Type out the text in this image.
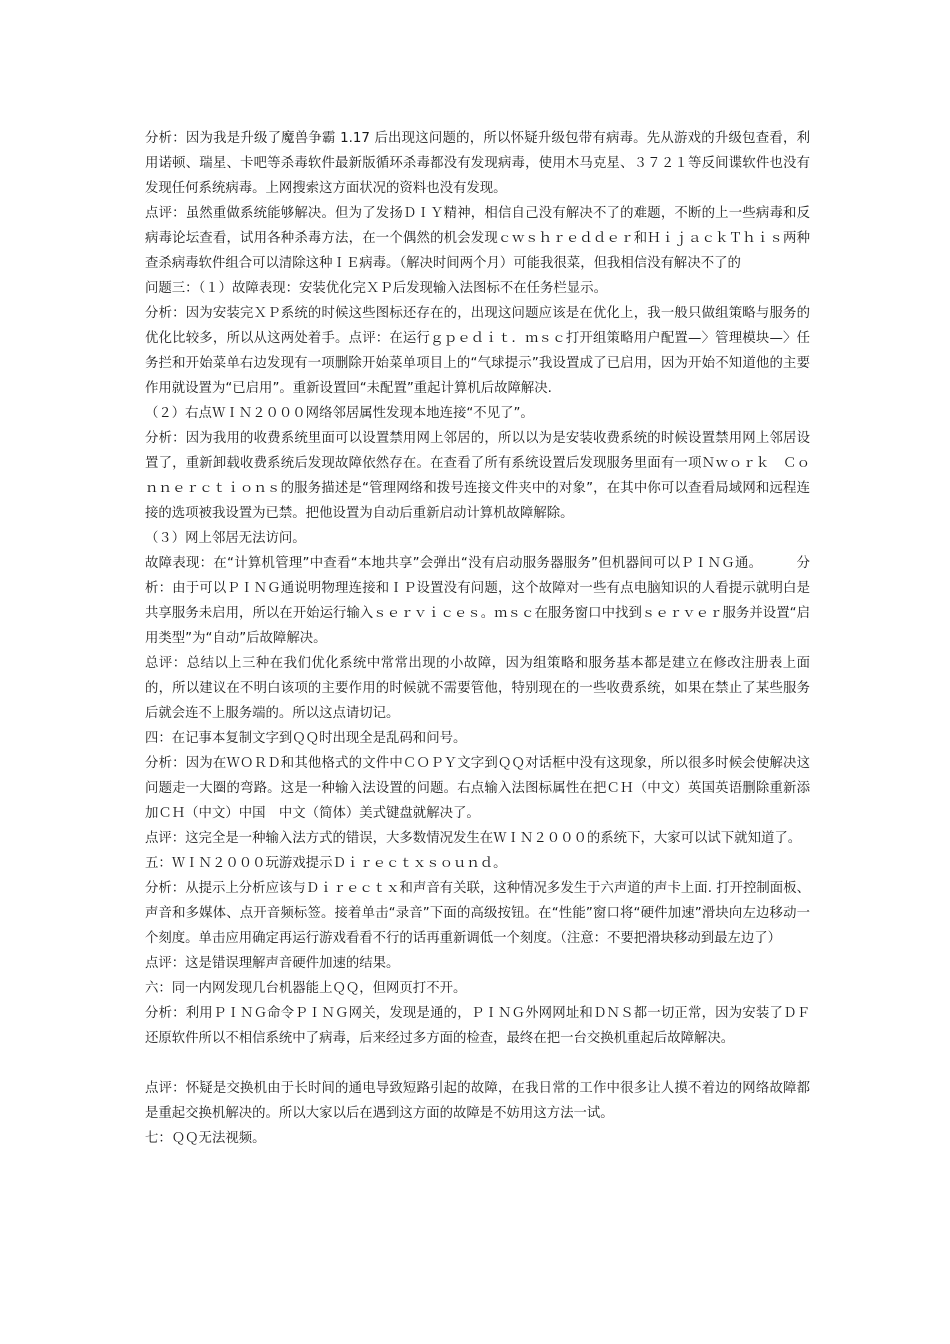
分析：因为我是升级了魔兽争霸 1.17 后出现这问题的，所以怀疑升级包带有病毒。先从游戏的升级包查看，利用诺顿、瑞星、卡吧等杀毒软件最新版循环杀毒都没有发现病毒，使用木马克星、３７２１等反间谍软件也没有发现任何系统病毒。上网搜索这方面状况的资料也没有发现。

点评：虽然重做系统能够解决。但为了发扬ＤＩＹ精神，相信自己没有解决不了的难题，不断的上一些病毒和反病毒论坛查看，试用各种杀毒方法，在一个偶然的机会发现ｃｗｓｈｒｅｄｄｅｒ和ＨｉｊａｃｋＴｈｉｓ两种查杀病毒软件组合可以清除这种ＩＥ病毒。（解决时间两个月）可能我很菜，但我相信没有解决不了的

问题三：（１）故障表现：安装优化完ＸＰ后发现输入法图标不在任务栏显示。

分析：因为安装完ＸＰ系统的时候这些图标还存在的，出现这问题应该是在优化上，我一般只做组策略与服务的优化比较多，所以从这两处着手。点评：在运行ｇｐｅｄｉｔ．ｍｓｃ打开组策略用户配置—〉管理模块—〉任务拦和开始菜单右边发现有一项删除开始菜单项目上的“气球提示”我设置成了已启用，因为开始不知道他的主要作用就设置为“已启用”。重新设置回“未配置”重起计算机后故障解决.

（２）右点ＷＩＮ２０００网络邻居属性发现本地连接“不见了”。

分析：因为我用的收费系统里面可以设置禁用网上邻居的，所以以为是安装收费系统的时候设置禁用网上邻居设置了，重新卸载收费系统后发现故障依然存在。在查看了所有系统设置后发现服务里面有一项Ｎｗｏｒｋ　Ｃｏｎｎｅｒｃｔｉｏｎｓ的服务描述是“管理网络和拨号连接文件夹中的对象”，在其中你可以查看局域网和远程连接的选项被我设置为已禁。把他设置为自动后重新启动计算机故障解除。

（３）网上邻居无法访问。

故障表现：在“计算机管理”中查看“本地共享”会弹出“没有启动服务器服务”但机器间可以ＰＩＮＧ通。　　　分析：由于可以ＰＩＮＧ通说明物理连接和ＩＰ设置没有问题，这个故障对一些有点电脑知识的人看提示就明白是共享服务未启用，所以在开始运行输入ｓｅｒｖｉｃｅｓ。ｍｓｃ在服务窗口中找到ｓｅｒｖｅｒ服务并设置“启用类型”为“自动”后故障解决。

总评：总结以上三种在我们优化系统中常常出现的小故障，因为组策略和服务基本都是建立在修改注册表上面的，所以建议在不明白该项的主要作用的时候就不需要管他，特别现在的一些收费系统，如果在禁止了某些服务后就会连不上服务端的。所以这点请切记。

四：在记事本复制文字到ＱＱ时出现全是乱码和问号。

分析：因为在ＷＯＲＤ和其他格式的文件中ＣＯＰＹ文字到ＱＱ对话框中没有这现象，所以很多时候会使解决这问题走一大圈的弯路。这是一种输入法设置的问题。右点输入法图标属性在把ＣＨ（中文）英国英语删除重新添加ＣＨ（中文）中国　中文（简体）美式键盘就解决了。

点评：这完全是一种输入法方式的错误，大多数情况发生在ＷＩＮ２０００的系统下，大家可以试下就知道了。

五：ＷＩＮ２０００玩游戏提示Ｄｉｒｅｃｔｘｓｏｕｎｄ。

分析：从提示上分析应该与Ｄｉｒｅｃｔｘ和声音有关联，这种情况多发生于六声道的声卡上面. 打开控制面板、声音和多媒体、点开音频标签。接着单击“录音”下面的高级按钮。在“性能”窗口将“硬件加速”滑块向左边移动一个刻度。单击应用确定再运行游戏看看不行的话再重新调低一个刻度。（注意：不要把滑块移动到最左边了）

点评：这是错误理解声音硬件加速的结果。

六：同一内网发现几台机器能上ＱＱ，但网页打不开。

分析：利用ＰＩＮＧ命令ＰＩＮＧ网关，发现是通的，ＰＩＮＧ外网网址和ＤＮＳ都一切正常，因为安装了ＤＦ还原软件所以不相信系统中了病毒，后来经过多方面的检查，最终在把一台交换机重起后故障解决。

点评：怀疑是交换机由于长时间的通电导致短路引起的故障，在我日常的工作中很多让人摸不着边的网络故障都是重起交换机解决的。所以大家以后在遇到这方面的故障是不妨用这方法一试。

七：ＱＱ无法视频。
